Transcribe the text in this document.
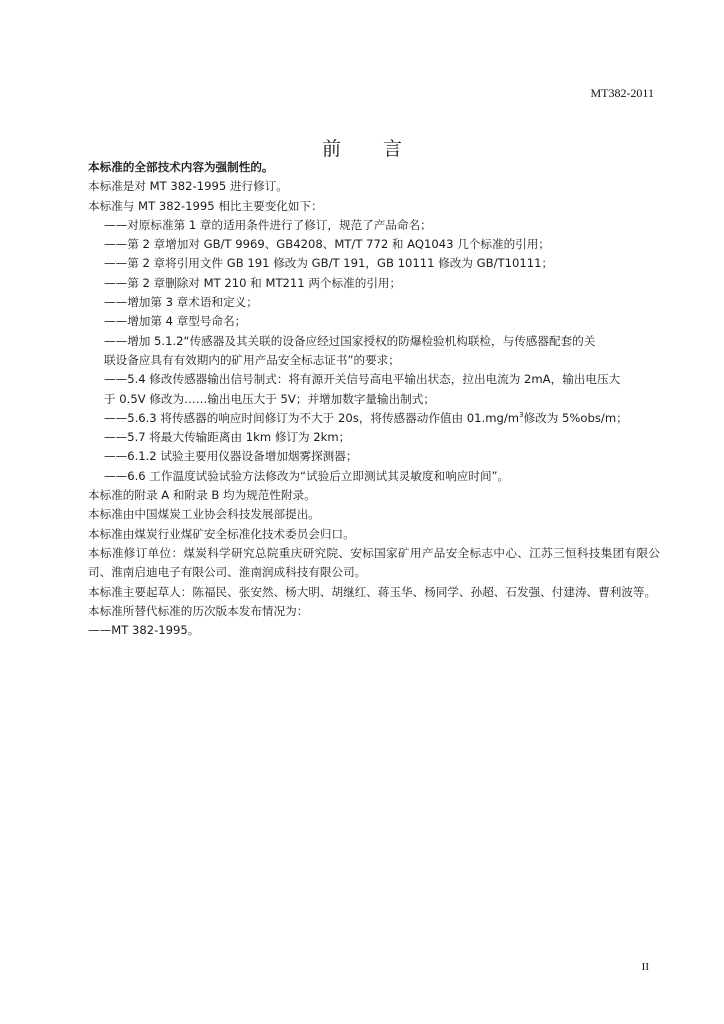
MT382-2011
前言

本标准的全部技术内容为强制性的。

本标准是对 MT 382-1995 进行修订。

本标准与 MT 382-1995 相比主要变化如下：

——对原标准第 1 章的适用条件进行了修订，规范了产品命名；

——第 2 章增加对 GB/T 9969、GB4208、MT/T 772 和 AQ1043 几个标准的引用；

——第 2 章将引用文件 GB 191 修改为 GB/T 191，GB 10111 修改为 GB/T10111；

——第 2 章删除对 MT 210 和 MT211 两个标准的引用；

——增加第 3 章术语和定义；

——增加第 4 章型号命名；

——增加 5.1.2“传感器及其关联的设备应经过国家授权的防爆检验机构联检，与传感器配套的关
联设备应具有有效期内的矿用产品安全标志证书”的要求；

——5.4 修改传感器输出信号制式：将有源开关信号高电平输出状态，拉出电流为 2mA，输出电压大
于 0.5V 修改为……输出电压大于 5V；并增加数字量输出制式；

——5.6.3 将传感器的响应时间修订为不大于 20s，将传感器动作值由 $01.mg/m^3$修改为 5%obs/m；

——5.7 将最大传输距离由 1km 修订为 2km；

——6.1.2 试验主要用仪器设备增加烟雾探测器；

——6.6 工作温度试验试验方法修改为“试验后立即测试其灵敏度和响应时间”。

本标准的附录 A 和附录 B 均为规范性附录。

本标准由中国煤炭工业协会科技发展部提出。

本标准由煤炭行业煤矿安全标准化技术委员会归口。

本标准修订单位：煤炭科学研究总院重庆研究院、安标国家矿用产品安全标志中心、江苏三恒科技集团有限公司、淮南启迪电子有限公司、淮南润成科技有限公司。

本标准主要起草人：陈福民、张安然、杨大明、胡继红、蒋玉华、杨同学、孙超、石发强、付建涛、曹利波等。

本标准所替代标准的历次版本发布情况为：

——MT 382-1995。

II
